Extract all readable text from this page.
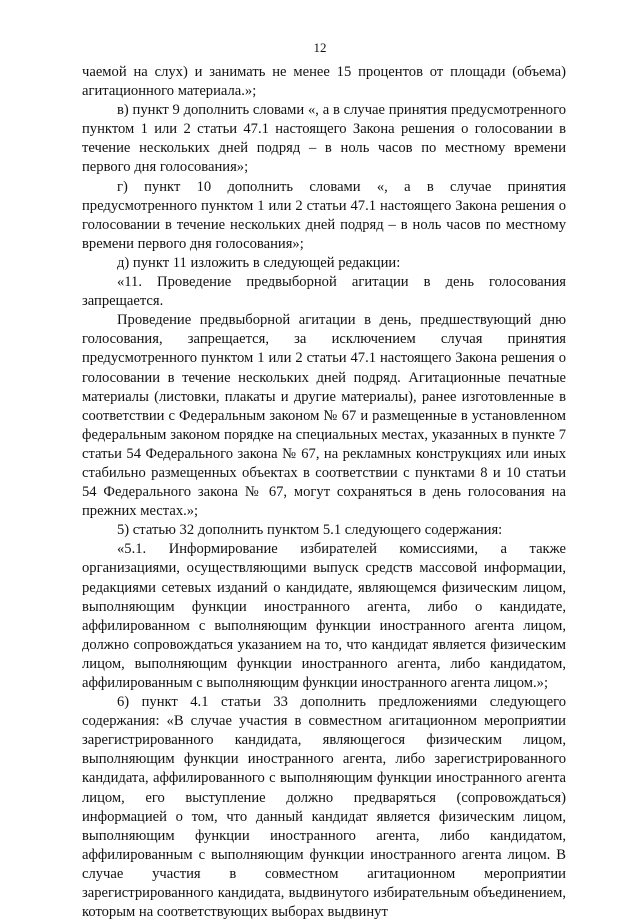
12

чаемой на слух) и занимать не менее 15 процентов от площади (объема) агитационного материала.»;

в) пункт 9 дополнить словами «, а в случае принятия предусмотренного пунктом 1 или 2 статьи 47.1 настоящего Закона решения о голосовании в течение нескольких дней подряд – в ноль часов по местному времени первого дня голосования»;

г) пункт 10 дополнить словами «, а в случае принятия предусмотренного пунктом 1 или 2 статьи 47.1 настоящего Закона решения о голосовании в течение нескольких дней подряд – в ноль часов по местному времени первого дня голосования»;

д) пункт 11 изложить в следующей редакции:

«11. Проведение предвыборной агитации в день голосования запрещается.

Проведение предвыборной агитации в день, предшествующий дню голосования, запрещается, за исключением случая принятия предусмотренного пунктом 1 или 2 статьи 47.1 настоящего Закона решения о голосовании в течение нескольких дней подряд. Агитационные печатные материалы (листовки, плакаты и другие материалы), ранее изготовленные в соответствии с Федеральным законом № 67 и размещенные в установленном федеральным законом порядке на специальных местах, указанных в пункте 7 статьи 54 Федерального закона № 67, на рекламных конструкциях или иных стабильно размещенных объектах в соответствии с пунктами 8 и 10 статьи 54 Федерального закона № 67, могут сохраняться в день голосования на прежних местах.»;

5) статью 32 дополнить пунктом 5.1 следующего содержания:

«5.1. Информирование избирателей комиссиями, а также организациями, осуществляющими выпуск средств массовой информации, редакциями сетевых изданий о кандидате, являющемся физическим лицом, выполняющим функции иностранного агента, либо о кандидате, аффилированном с выполняющим функции иностранного агента лицом, должно сопровождаться указанием на то, что кандидат является физическим лицом, выполняющим функции иностранного агента, либо кандидатом, аффилированным с выполняющим функции иностранного агента лицом.»;

6) пункт 4.1 статьи 33 дополнить предложениями следующего содержания: «В случае участия в совместном агитационном мероприятии зарегистрированного кандидата, являющегося физическим лицом, выполняющим функции иностранного агента, либо зарегистрированного кандидата, аффилированного с выполняющим функции иностранного агента лицом, его выступление должно предваряться (сопровождаться) информацией о том, что данный кандидат является физическим лицом, выполняющим функции иностранного агента, либо кандидатом, аффилированным с выполняющим функции иностранного агента лицом. В случае участия в совместном агитационном мероприятии зарегистрированного кандидата, выдвинутого избирательным объединением, которым на соответствующих выборах выдвинут
